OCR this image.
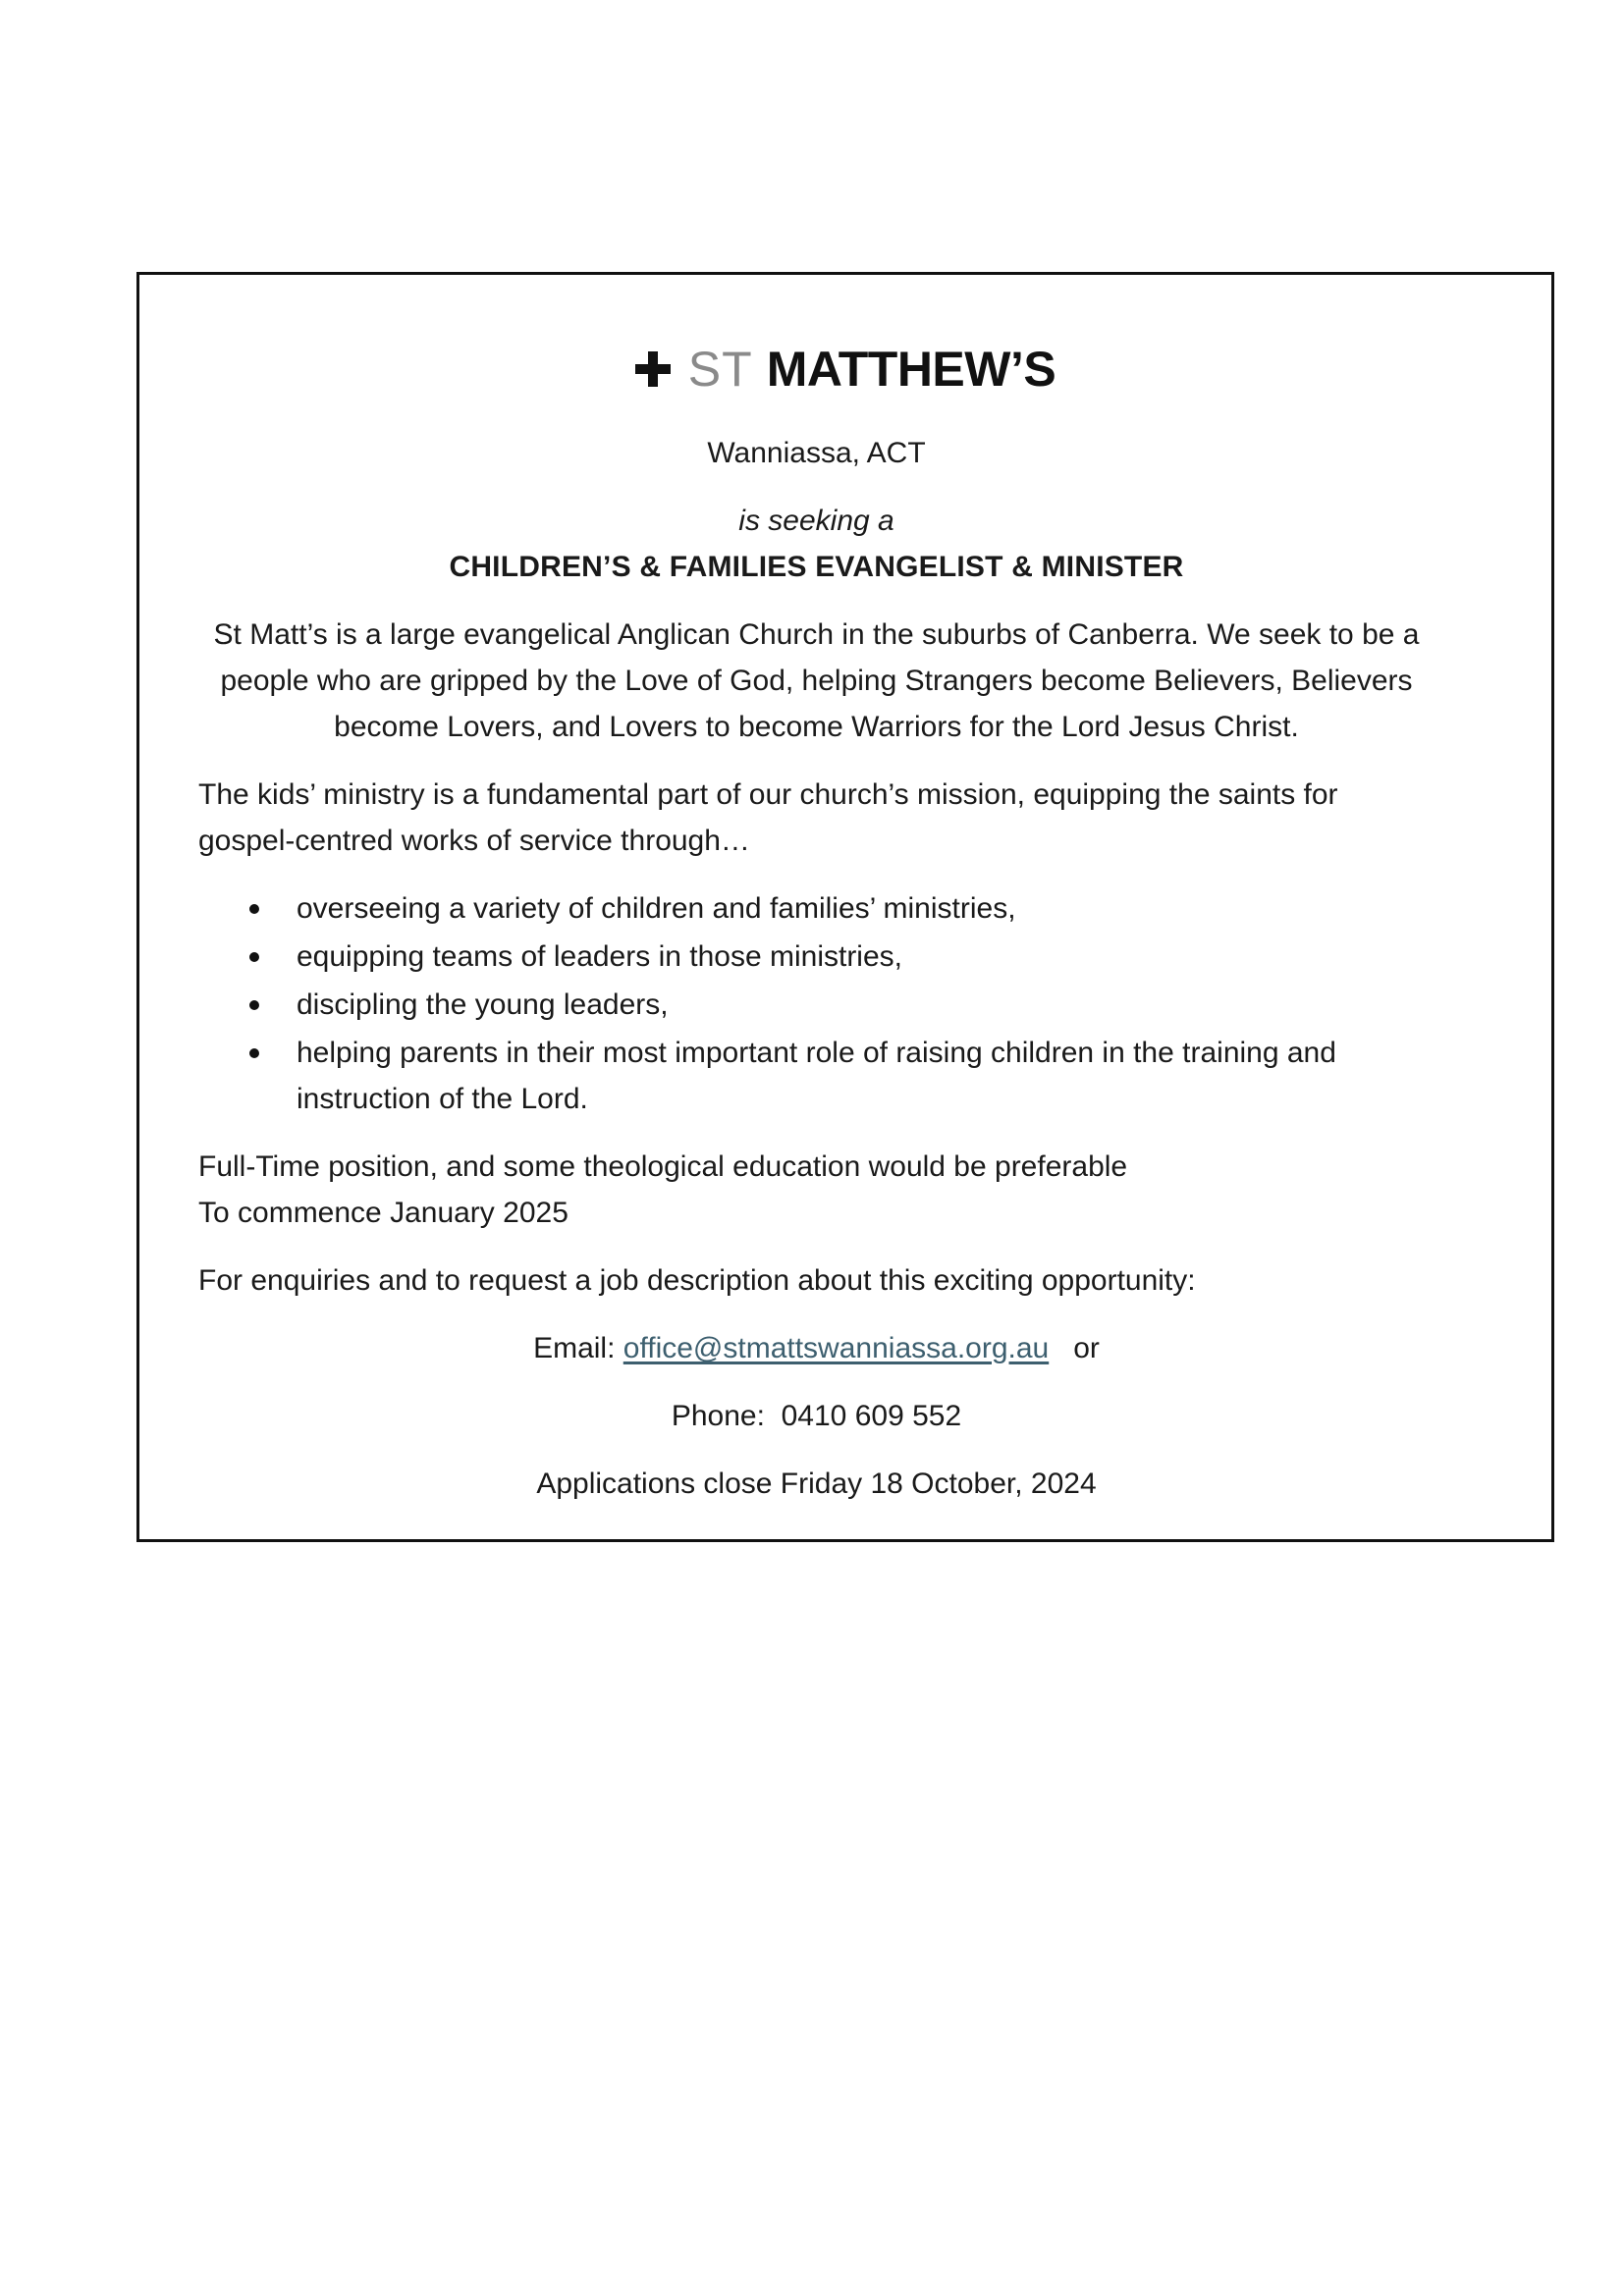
ST MATTHEW’S

Wanniassa, ACT

is seeking a

CHILDREN’S & FAMILIES EVANGELIST & MINISTER

St Matt’s is a large evangelical Anglican Church in the suburbs of Canberra. We seek to be a people who are gripped by the Love of God, helping Strangers become Believers, Believers become Lovers, and Lovers to become Warriors for the Lord Jesus Christ.

The kids’ ministry is a fundamental part of our church’s mission, equipping the saints for gospel-centred works of service through…

overseeing a variety of children and families’ ministries,
equipping teams of leaders in those ministries,
discipling the young leaders,
helping parents in their most important role of raising children in the training and instruction of the Lord.

Full-Time position, and some theological education would be preferable
To commence January 2025

For enquiries and to request a job description about this exciting opportunity:

Email: office@stmattswanniassa.org.au or

Phone: 0410 609 552

Applications close Friday 18 October, 2024
